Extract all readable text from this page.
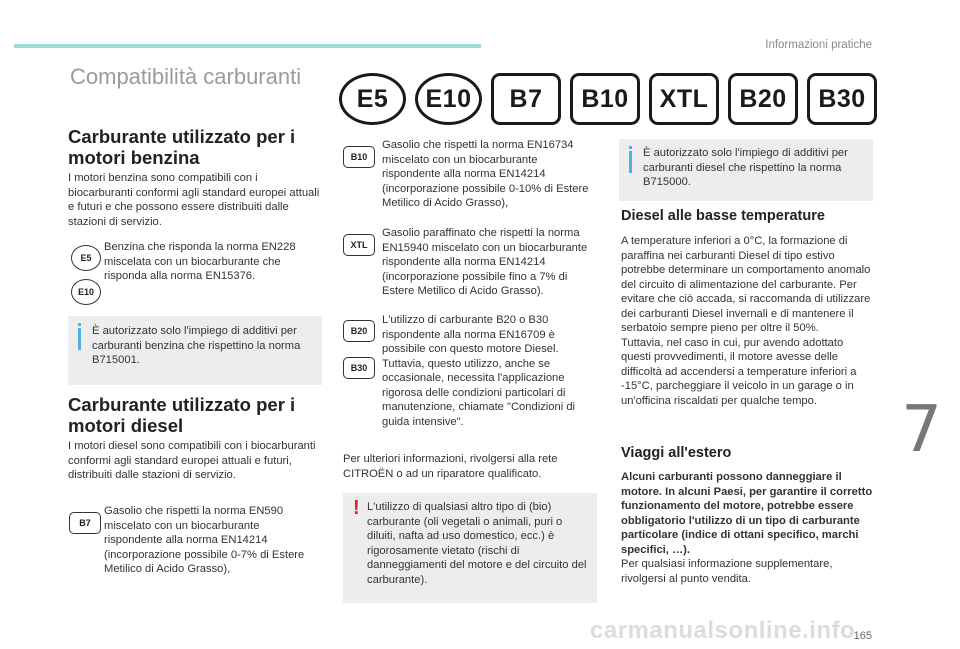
Informazioni pratiche
Compatibilità carburanti
E5	E10	B7	B10	XTL	B20	B30
Carburante utilizzato per i
motori benzina
I motori benzina sono compatibili con i biocarburanti conformi agli standard europei attuali e futuri e che possono essere distribuiti dalle stazioni di servizio.
E5
E10
Benzina che risponda la norma EN228 miscelata con un biocarburante che risponda alla norma EN15376.
È autorizzato solo l'impiego di additivi per carburanti benzina che rispettino la norma B715001.
Carburante utilizzato per i
motori diesel
I motori diesel sono compatibili con i biocarburanti conformi agli standard europei attuali e futuri, distribuiti dalle stazioni di servizio.
B7
Gasolio che rispetti la norma EN590 miscelato con un biocarburante rispondente alla norma EN14214 (incorporazione possibile 0-7% di Estere Metilico di Acido Grasso),
B10
Gasolio che rispetti la norma EN16734 miscelato con un biocarburante rispondente alla norma EN14214 (incorporazione possibile 0-10% di Estere Metilico di Acido Grasso),
XTL
Gasolio paraffinato che rispetti la norma EN15940 miscelato con un biocarburante rispondente alla norma EN14214 (incorporazione possibile fino a 7% di Estere Metilico di Acido Grasso).
B20
B30
L'utilizzo di carburante B20 o B30 rispondente alla norma EN16709 è possibile con questo motore Diesel. Tuttavia, questo utilizzo, anche se occasionale, necessita l'applicazione rigorosa delle condizioni particolari di manutenzione, chiamate "Condizioni di guida intensive".
Per ulteriori informazioni, rivolgersi alla rete CITROËN o ad un riparatore qualificato.
! L'utilizzo di qualsiasi altro tipo di (bio) carburante (oli vegetali o animali, puri o diluiti, nafta ad uso domestico, ecc.) è rigorosamente vietato (rischi di danneggiamenti del motore e del circuito del carburante).
È autorizzato solo l'impiego di additivi per carburanti diesel che rispettino la norma B715000.
Diesel alle basse temperature
A temperature inferiori a 0°C, la formazione di paraffina nei carburanti Diesel di tipo estivo potrebbe determinare un comportamento anomalo del circuito di alimentazione del carburante. Per evitare che ciò accada, si raccomanda di utilizzare dei carburanti Diesel invernali e di mantenere il serbatoio sempre pieno per oltre il 50%.
Tuttavia, nel caso in cui, pur avendo adottato questi provvedimenti, il motore avesse delle difficoltà ad accendersi a temperature inferiori a -15°C, parcheggiare il veicolo in un garage o in un'officina riscaldati per qualche tempo.
Viaggi all'estero
Alcuni carburanti possono danneggiare il motore. In alcuni Paesi, per garantire il corretto funzionamento del motore, potrebbe essere obbligatorio l'utilizzo di un tipo di carburante particolare (indice di ottani specifico, marchi specifici, …).
Per qualsiasi informazione supplementare, rivolgersi al punto vendita.
7
165
carmanualsonline.info
